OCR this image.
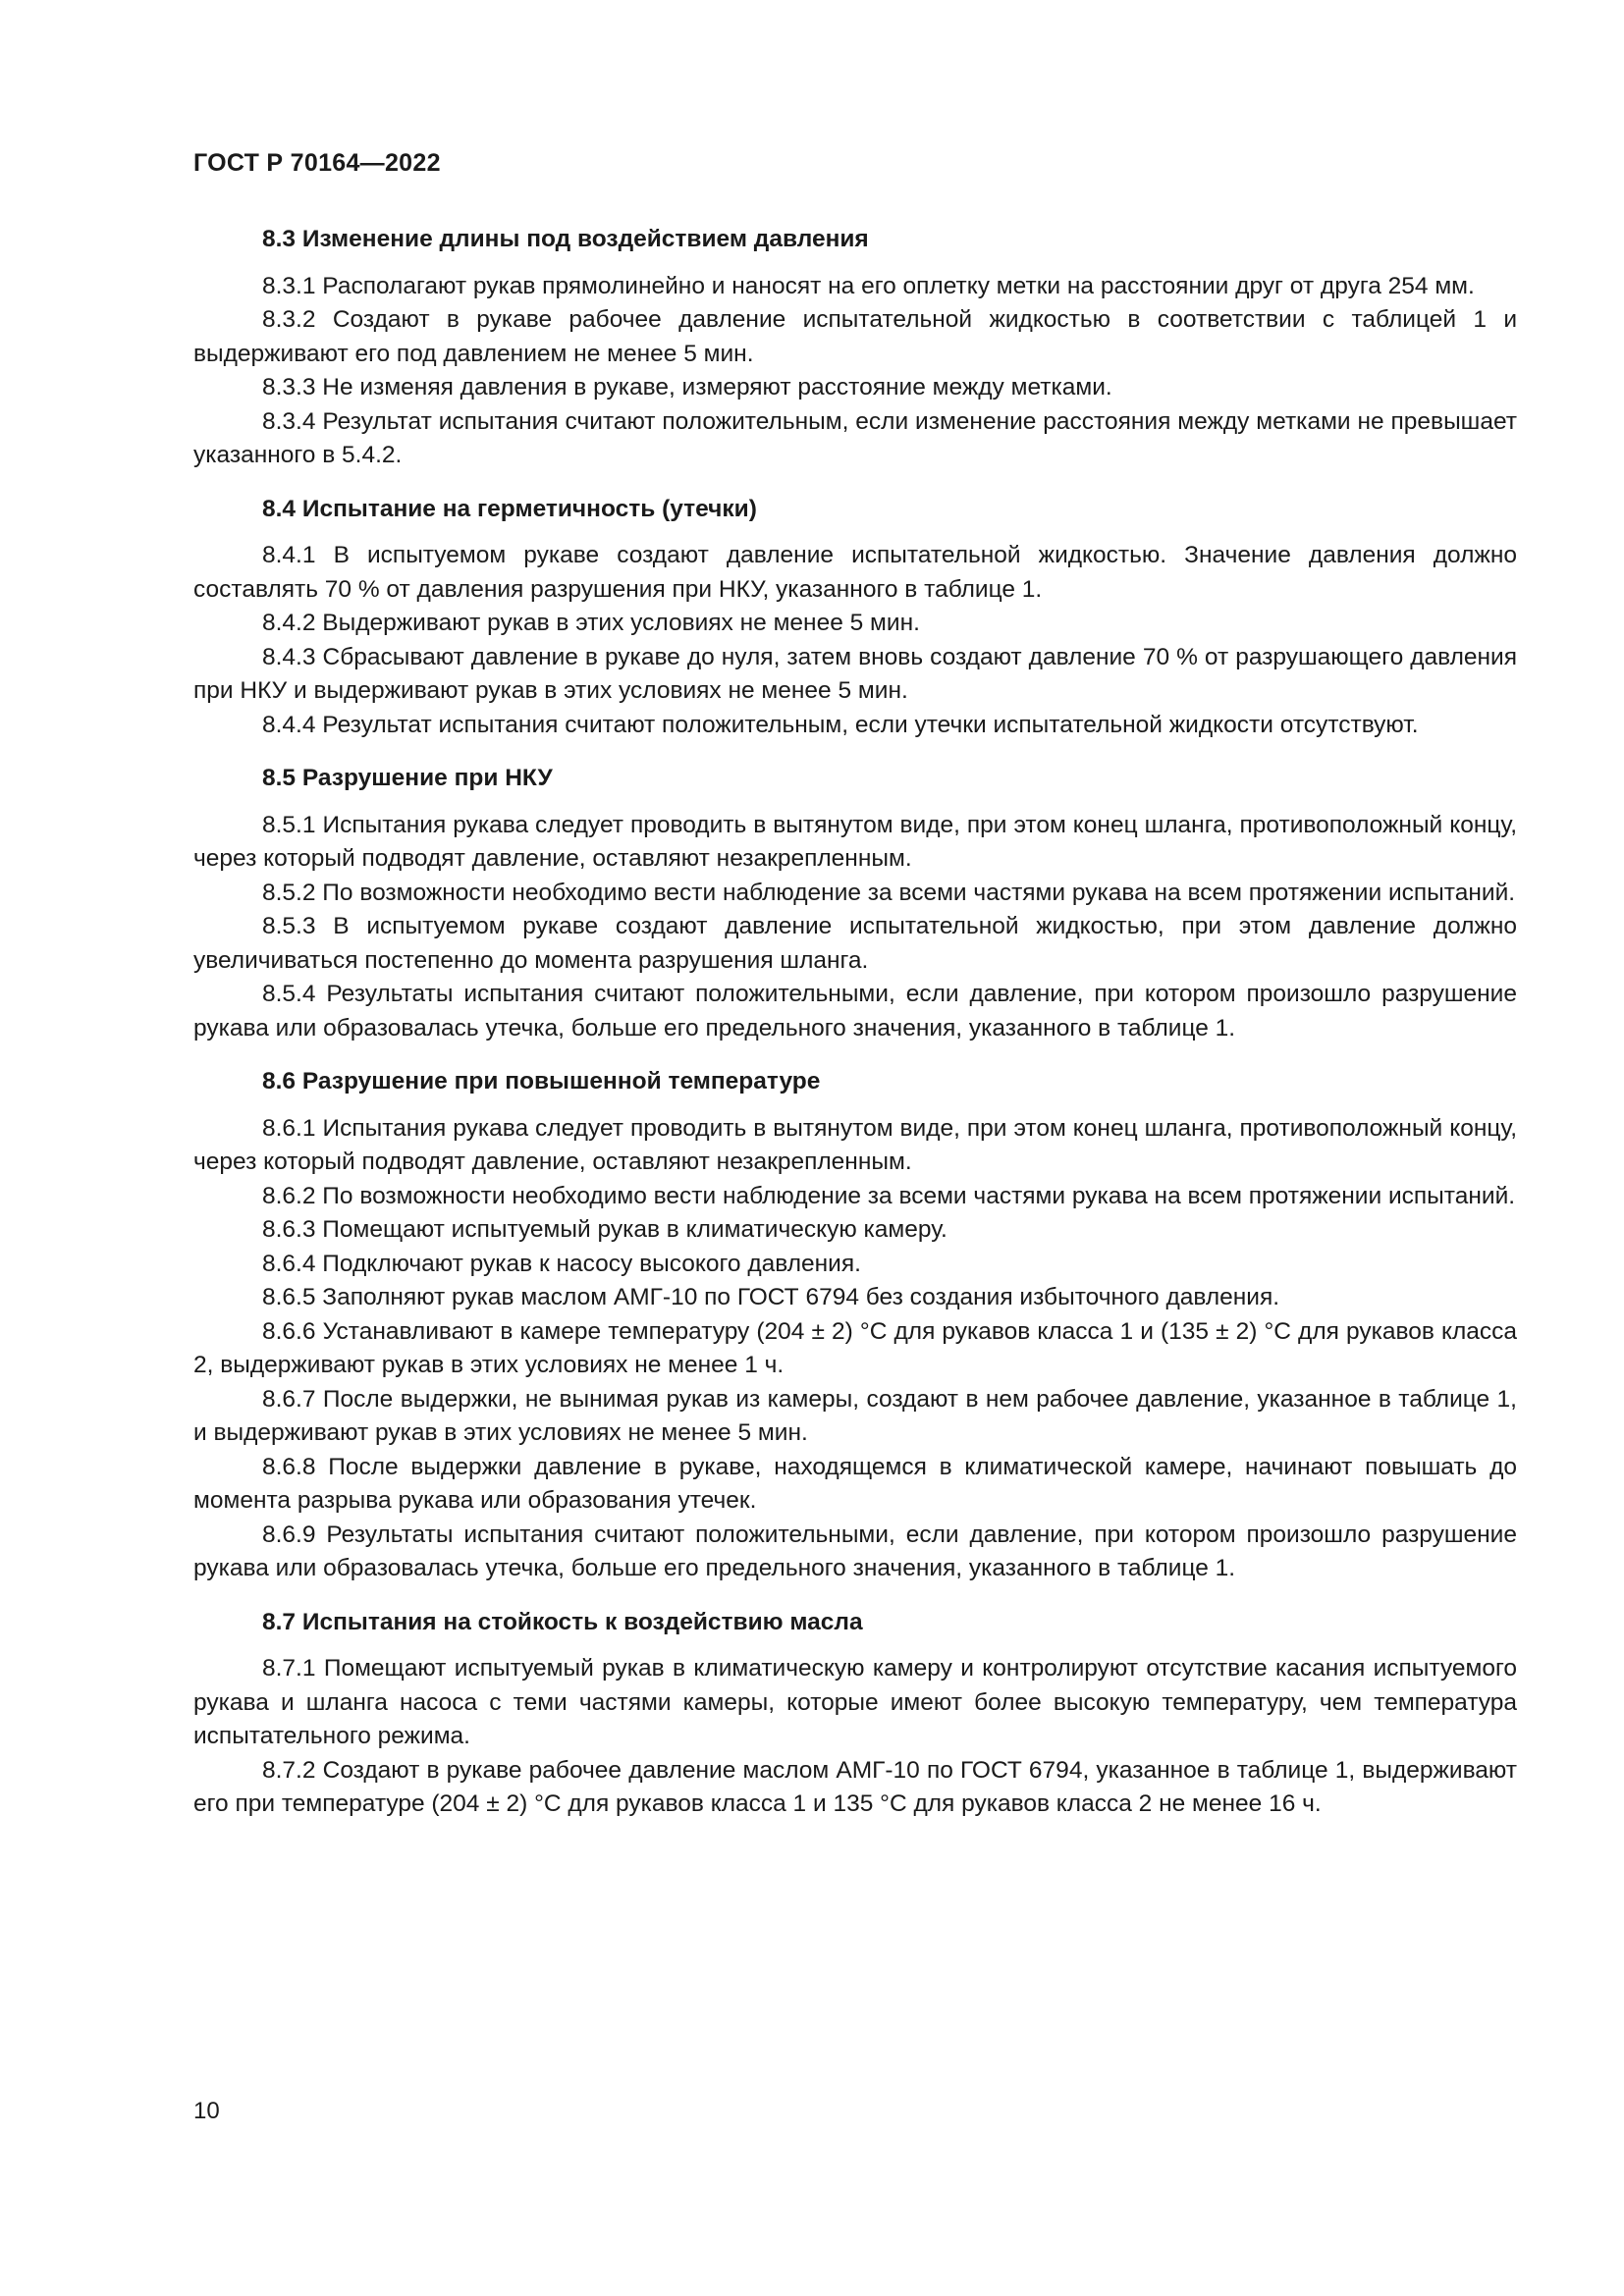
ГОСТ Р 70164—2022
8.3 Изменение длины под воздействием давления

8.3.1 Располагают рукав прямолинейно и наносят на его оплетку метки на расстоянии друг от друга 254 мм.

8.3.2 Создают в рукаве рабочее давление испытательной жидкостью в соответствии с таблицей 1 и выдерживают его под давлением не менее 5 мин.

8.3.3 Не изменяя давления в рукаве, измеряют расстояние между метками.

8.3.4 Результат испытания считают положительным, если изменение расстояния между метками не превышает указанного в 5.4.2.

8.4 Испытание на герметичность (утечки)

8.4.1 В испытуемом рукаве создают давление испытательной жидкостью. Значение давления должно составлять 70 % от давления разрушения при НКУ, указанного в таблице 1.

8.4.2 Выдерживают рукав в этих условиях не менее 5 мин.

8.4.3 Сбрасывают давление в рукаве до нуля, затем вновь создают давление 70 % от разрушающего давления при НКУ и выдерживают рукав в этих условиях не менее 5 мин.

8.4.4 Результат испытания считают положительным, если утечки испытательной жидкости отсутствуют.

8.5 Разрушение при НКУ

8.5.1 Испытания рукава следует проводить в вытянутом виде, при этом конец шланга, противоположный концу, через который подводят давление, оставляют незакрепленным.

8.5.2 По возможности необходимо вести наблюдение за всеми частями рукава на всем протяжении испытаний.

8.5.3 В испытуемом рукаве создают давление испытательной жидкостью, при этом давление должно увеличиваться постепенно до момента разрушения шланга.

8.5.4 Результаты испытания считают положительными, если давление, при котором произошло разрушение рукава или образовалась утечка, больше его предельного значения, указанного в таблице 1.

8.6 Разрушение при повышенной температуре

8.6.1 Испытания рукава следует проводить в вытянутом виде, при этом конец шланга, противоположный концу, через который подводят давление, оставляют незакрепленным.

8.6.2 По возможности необходимо вести наблюдение за всеми частями рукава на всем протяжении испытаний.

8.6.3 Помещают испытуемый рукав в климатическую камеру.

8.6.4 Подключают рукав к насосу высокого давления.

8.6.5 Заполняют рукав маслом АМГ-10 по ГОСТ 6794 без создания избыточного давления.

8.6.6 Устанавливают в камере температуру (204 ± 2) °С для рукавов класса 1 и (135 ± 2) °С для рукавов класса 2, выдерживают рукав в этих условиях не менее 1 ч.

8.6.7 После выдержки, не вынимая рукав из камеры, создают в нем рабочее давление, указанное в таблице 1, и выдерживают рукав в этих условиях не менее 5 мин.

8.6.8 После выдержки давление в рукаве, находящемся в климатической камере, начинают повышать до момента разрыва рукава или образования утечек.

8.6.9 Результаты испытания считают положительными, если давление, при котором произошло разрушение рукава или образовалась утечка, больше его предельного значения, указанного в таблице 1.

8.7 Испытания на стойкость к воздействию масла

8.7.1 Помещают испытуемый рукав в климатическую камеру и контролируют отсутствие касания испытуемого рукава и шланга насоса с теми частями камеры, которые имеют более высокую температуру, чем температура испытательного режима.

8.7.2 Создают в рукаве рабочее давление маслом АМГ-10 по ГОСТ 6794, указанное в таблице 1, выдерживают его при температуре (204 ± 2) °С для рукавов класса 1 и 135 °С для рукавов класса 2 не менее 16 ч.

10
